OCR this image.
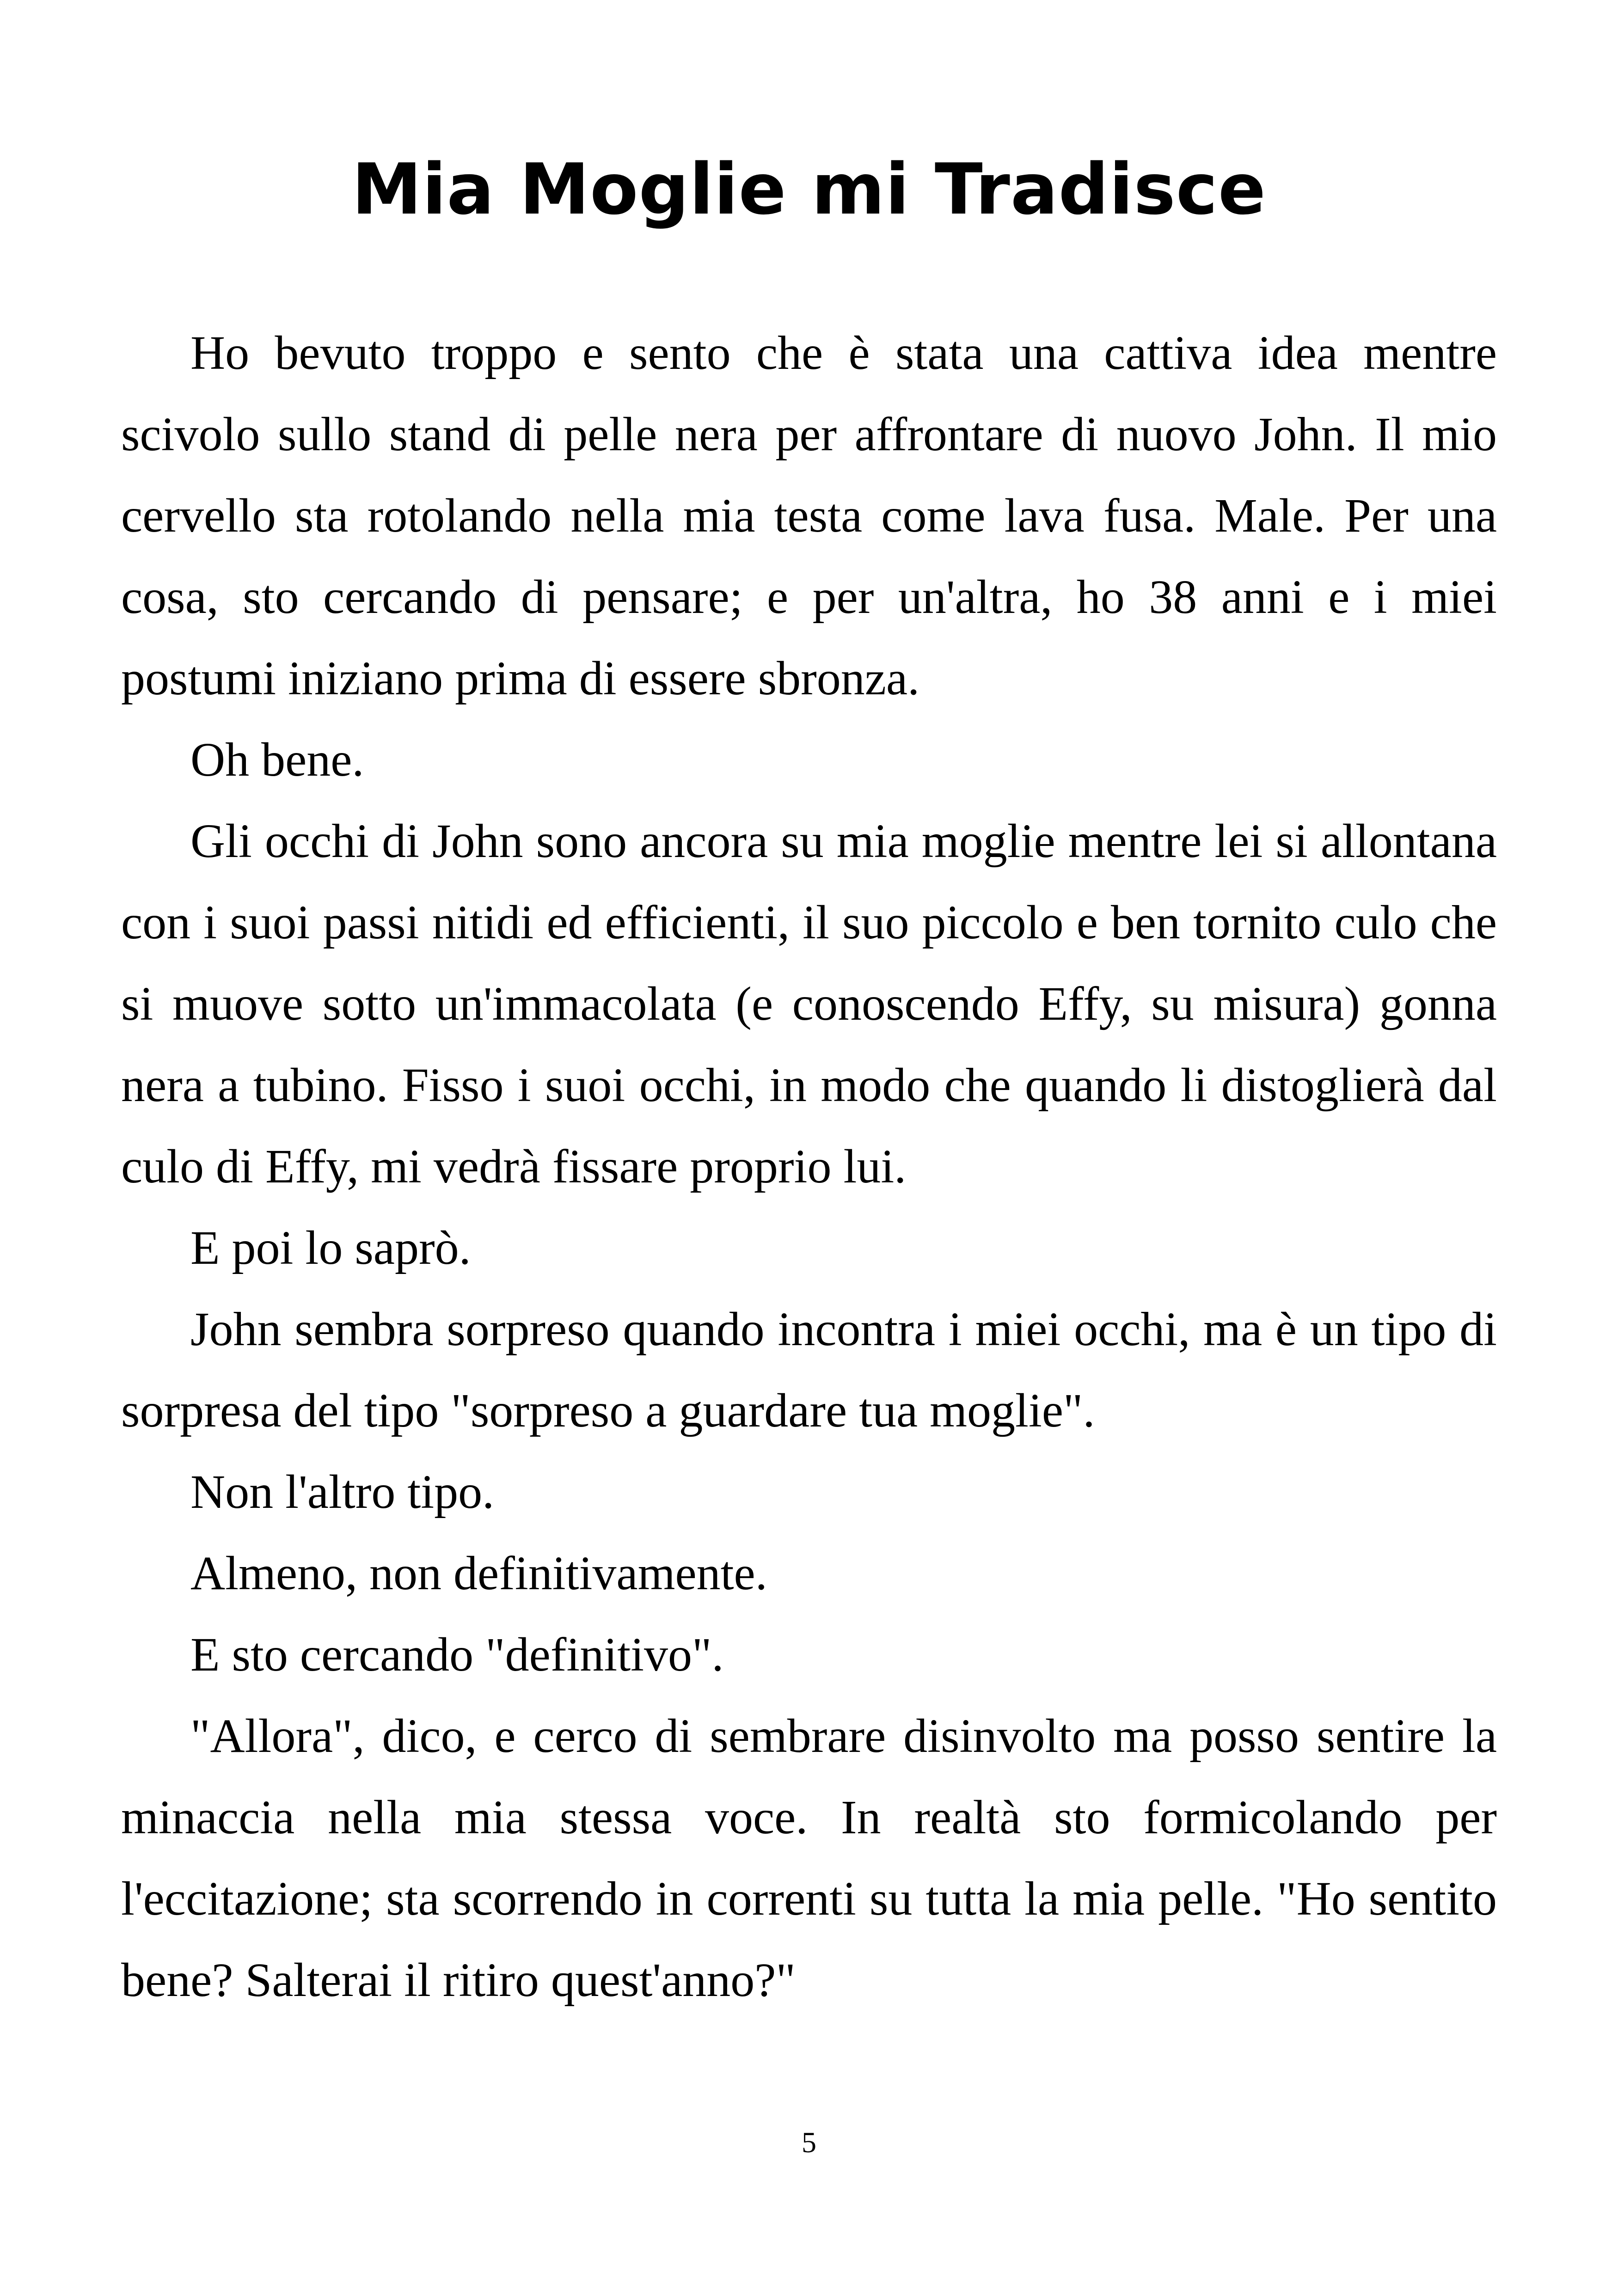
Mia Moglie mi Tradisce

Ho bevuto troppo e sento che è stata una cattiva idea mentre scivolo sullo stand di pelle nera per affrontare di nuovo John. Il mio cervello sta rotolando nella mia testa come lava fusa. Male. Per una cosa, sto cercando di pensare; e per un'altra, ho 38 anni e i miei postumi iniziano prima di essere sbronza.

Oh bene.

Gli occhi di John sono ancora su mia moglie mentre lei si allontana con i suoi passi nitidi ed efficienti, il suo piccolo e ben tornito culo che si muove sotto un'immacolata (e conoscendo Effy, su misura) gonna nera a tubino. Fisso i suoi occhi, in modo che quando li distoglierà dal culo di Effy, mi vedrà fissare proprio lui.

E poi lo saprò.

John sembra sorpreso quando incontra i miei occhi, ma è un tipo di sorpresa del tipo "sorpreso a guardare tua moglie".

Non l'altro tipo.

Almeno, non definitivamente.

E sto cercando "definitivo".

"Allora", dico, e cerco di sembrare disinvolto ma posso sentire la minaccia nella mia stessa voce. In realtà sto formicolando per l'eccitazione; sta scorrendo in correnti su tutta la mia pelle. "Ho sentito bene? Salterai il ritiro quest'anno?"

5
